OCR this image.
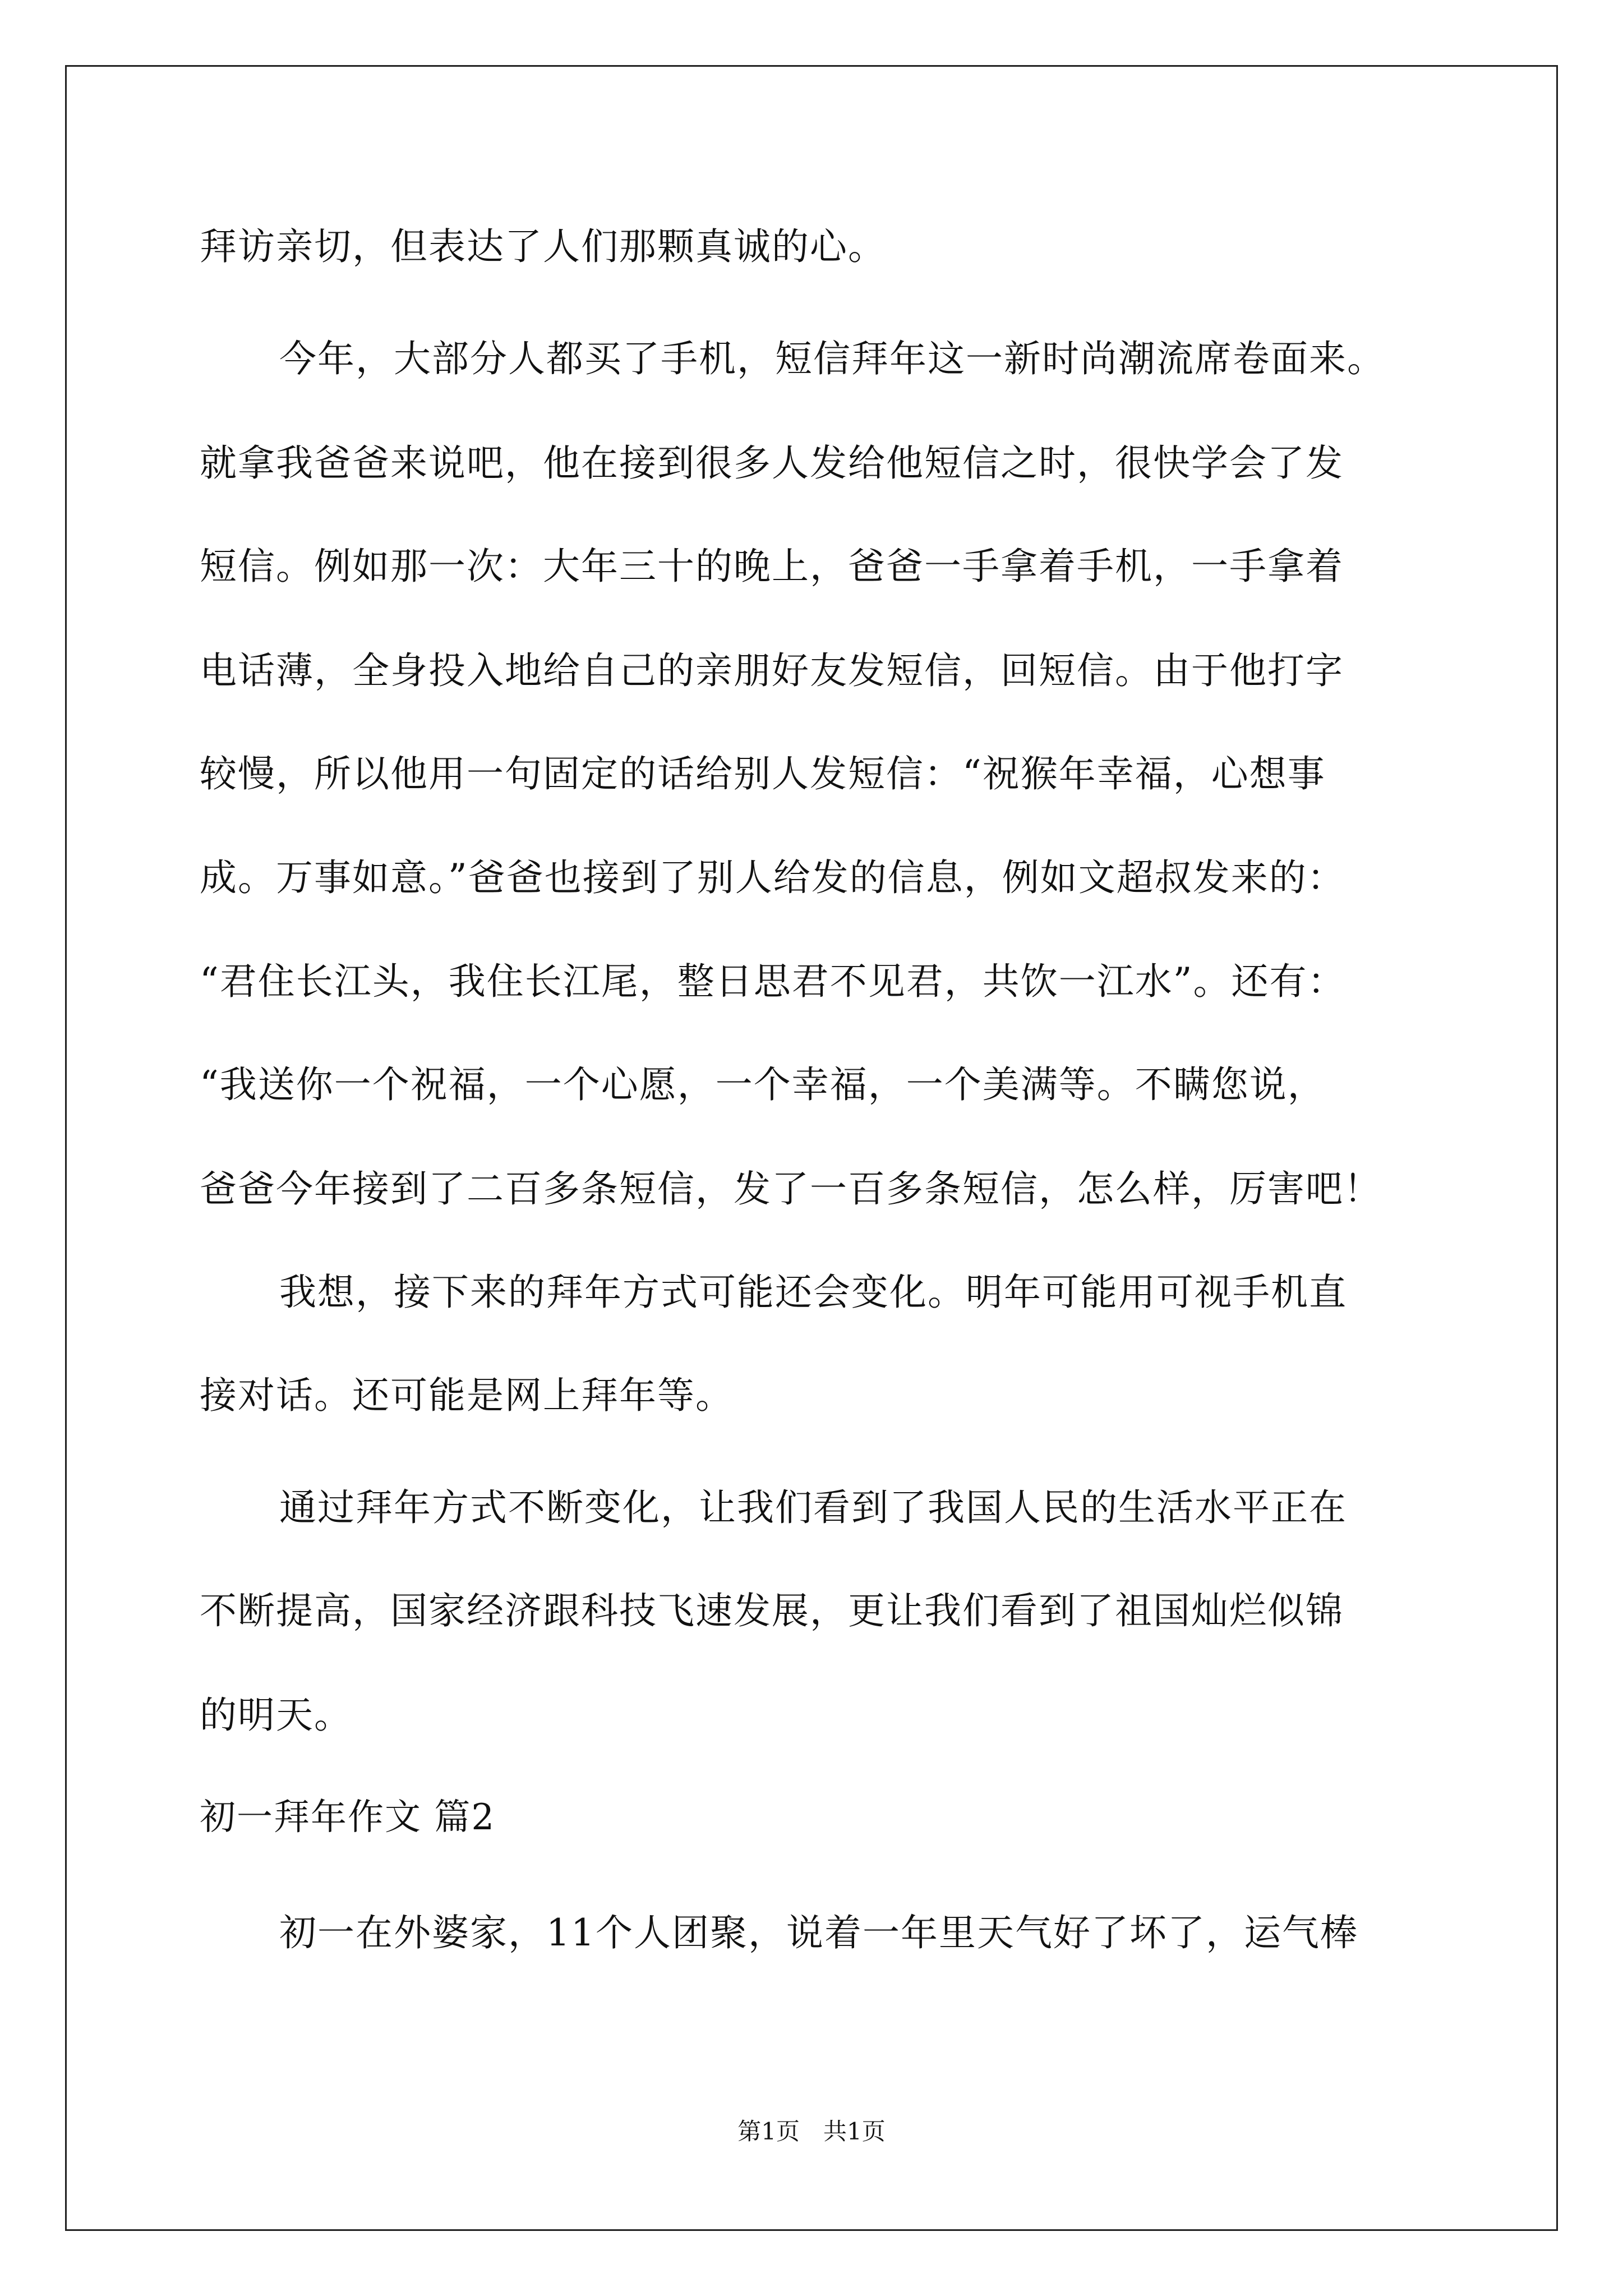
拜访亲切，但表达了人们那颗真诚的心。
今年，大部分人都买了手机，短信拜年这一新时尚潮流席卷面来。
就拿我爸爸来说吧，他在接到很多人发给他短信之时，很快学会了发
短信。例如那一次：大年三十的晚上，爸爸一手拿着手机，一手拿着
电话薄，全身投入地给自己的亲朋好友发短信，回短信。由于他打字
较慢，所以他用一句固定的话给别人发短信：“祝猴年幸福，心想事
成。万事如意。”爸爸也接到了别人给发的信息，例如文超叔发来的：
“君住长江头，我住长江尾，整日思君不见君，共饮一江水”。还有：
“我送你一个祝福，一个心愿，一个幸福，一个美满等。不瞒您说，
爸爸今年接到了二百多条短信，发了一百多条短信，怎么样，厉害吧！
我想，接下来的拜年方式可能还会变化。明年可能用可视手机直
接对话。还可能是网上拜年等。
通过拜年方式不断变化，让我们看到了我国人民的生活水平正在
不断提高，国家经济跟科技飞速发展，更让我们看到了祖国灿烂似锦
的明天。
初一拜年作文 篇2
初一在外婆家，11个人团聚，说着一年里天气好了坏了，运气棒
第1页　共1页
